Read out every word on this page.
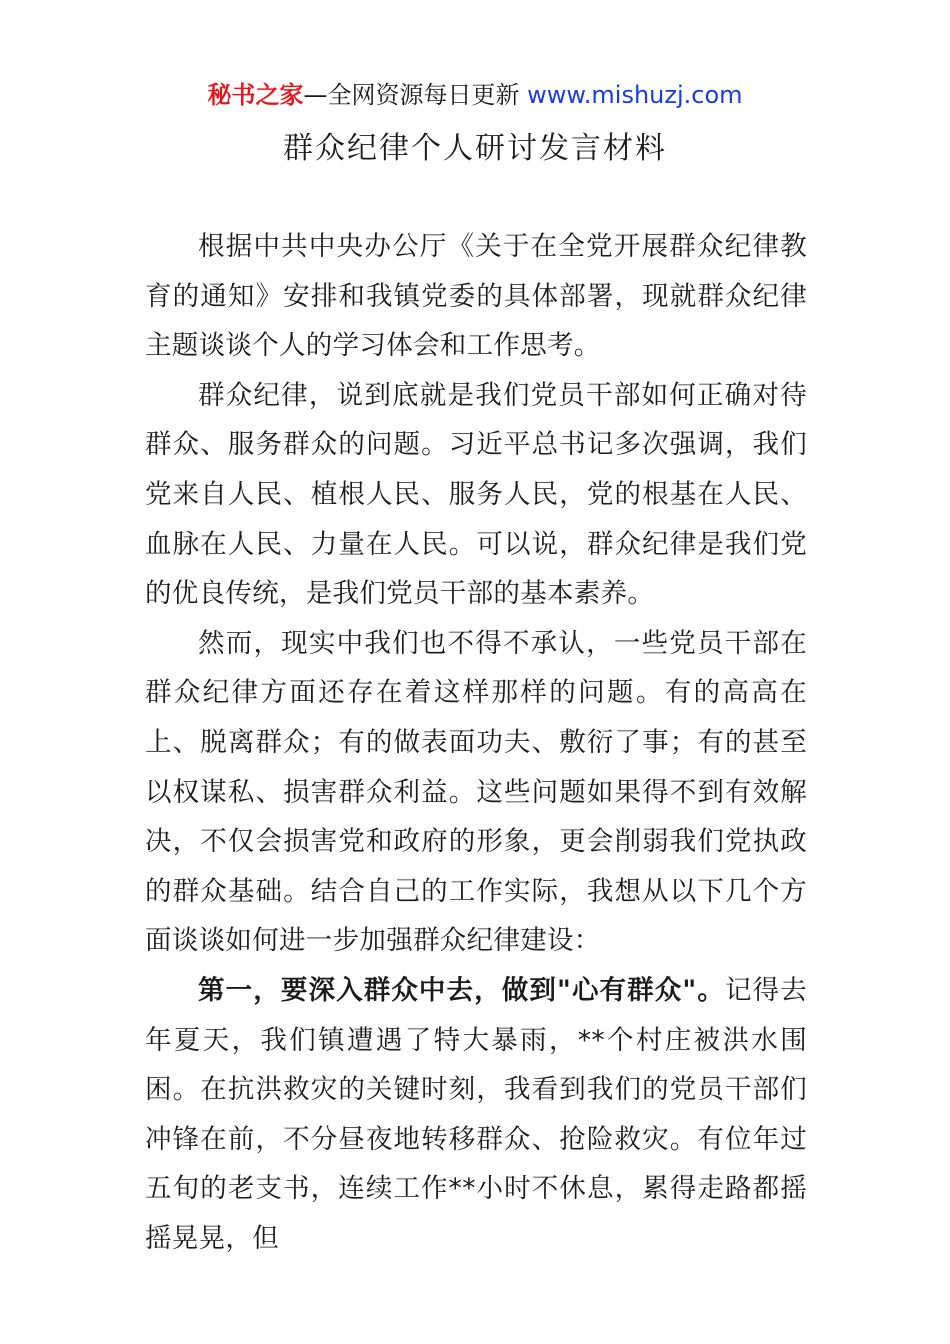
秘书之家—全网资源每日更新 www.mishuzj.com
群众纪律个人研讨发言材料

根据中共中央办公厅《关于在全党开展群众纪律教育的通知》安排和我镇党委的具体部署，现就群众纪律主题谈谈个人的学习体会和工作思考。

群众纪律，说到底就是我们党员干部如何正确对待群众、服务群众的问题。习近平总书记多次强调，我们党来自人民、植根人民、服务人民，党的根基在人民、血脉在人民、力量在人民。可以说，群众纪律是我们党的优良传统，是我们党员干部的基本素养。

然而，现实中我们也不得不承认，一些党员干部在群众纪律方面还存在着这样那样的问题。有的高高在上、脱离群众；有的做表面功夫、敷衍了事；有的甚至以权谋私、损害群众利益。这些问题如果得不到有效解决，不仅会损害党和政府的形象，更会削弱我们党执政的群众基础。结合自己的工作实际，我想从以下几个方面谈谈如何进一步加强群众纪律建设：

第一，要深入群众中去，做到"心有群众"。记得去年夏天，我们镇遭遇了特大暴雨，**个村庄被洪水围困。在抗洪救灾的关键时刻，我看到我们的党员干部们冲锋在前，不分昼夜地转移群众、抢险救灾。有位年过五旬的老支书，连续工作**小时不休息，累得走路都摇摇晃晃，但
